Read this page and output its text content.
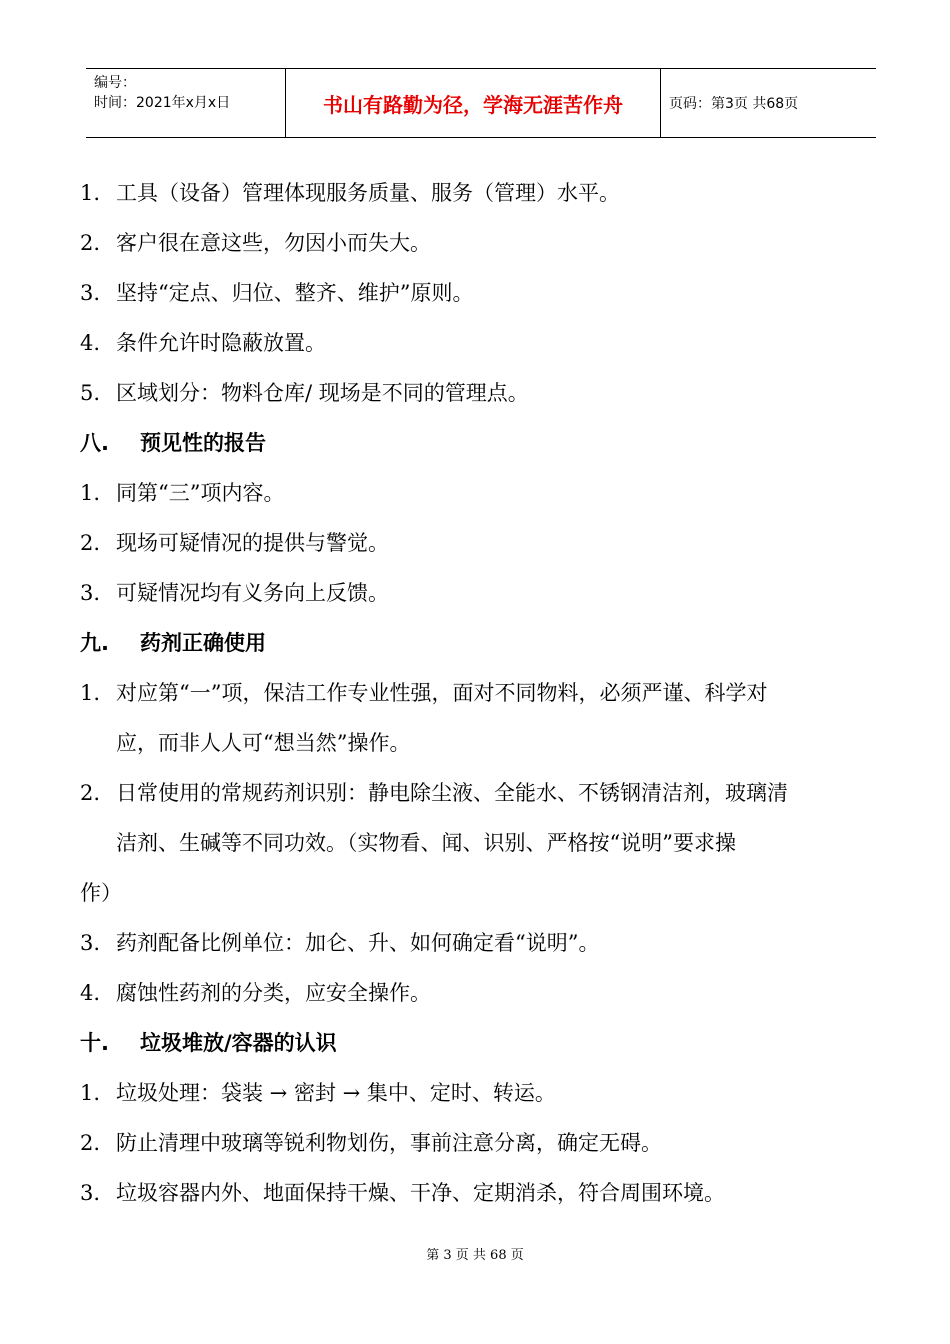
编号：
时间：2021年x月x日	书山有路勤为径，学海无涯苦作舟	页码：第3页 共68页
1. 工具（设备）管理体现服务质量、服务（管理）水平。
2. 客户很在意这些，勿因小而失大。
3. 坚持“定点、归位、整齐、维护”原则。
4. 条件允许时隐蔽放置。
5. 区域划分：物料仓库/ 现场是不同的管理点。
八. 预见性的报告
1. 同第“三”项内容。
2. 现场可疑情况的提供与警觉。
3. 可疑情况均有义务向上反馈。
九. 药剂正确使用
1. 对应第“一”项，保洁工作专业性强，面对不同物料，必须严谨、科学对
应，而非人人可“想当然”操作。
2. 日常使用的常规药剂识别：静电除尘液、全能水、不锈钢清洁剂，玻璃清
洁剂、生碱等不同功效。（实物看、闻、识别、严格按“说明”要求操
作）
3. 药剂配备比例单位：加仑、升、如何确定看“说明”。
4. 腐蚀性药剂的分类，应安全操作。
十. 垃圾堆放/容器的认识
1. 垃圾处理：袋装 → 密封 → 集中、定时、转运。
2. 防止清理中玻璃等锐利物划伤，事前注意分离，确定无碍。
3. 垃圾容器内外、地面保持干燥、干净、定期消杀，符合周围环境。
第 3 页 共 68 页
